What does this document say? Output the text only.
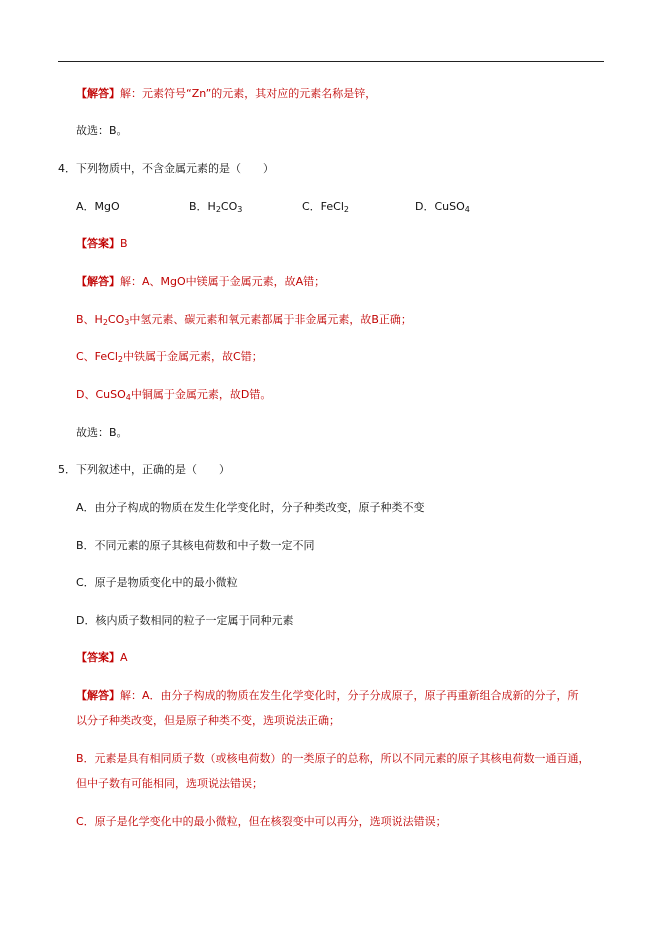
【解答】解：元素符号“Zn”的元素，其对应的元素名称是锌，
故选：B。
4．下列物质中，不含金属元素的是（ ）
A．MgO	B．$H_2CO_3$	C．FeCl$_2$	D．CuSO$_4$
【答案】B
【解答】解：A、MgO中镁属于金属元素，故A错；
B、$H_2CO_3$中氢元素、碳元素和氧元素都属于非金属元素，故B正确；
C、FeCl$_2$中铁属于金属元素，故C错；
D、CuSO$_4$中铜属于金属元素，故D错。
故选：B。
5．下列叙述中，正确的是（ ）
A．由分子构成的物质在发生化学变化时，分子种类改变，原子种类不变
B．不同元素的原子其核电荷数和中子数一定不同
C．原子是物质变化中的最小微粒
D．核内质子数相同的粒子一定属于同种元素
【答案】A
【解答】解：A．由分子构成的物质在发生化学变化时，分子分成原子，原子再重新组合成新的分子，所
以分子种类改变，但是原子种类不变，选项说法正确；
B．元素是具有相同质子数（或核电荷数）的一类原子的总称，所以不同元素的原子其核电荷数一通百通，
但中子数有可能相同，选项说法错误；
C．原子是化学变化中的最小微粒，但在核裂变中可以再分，选项说法错误；
